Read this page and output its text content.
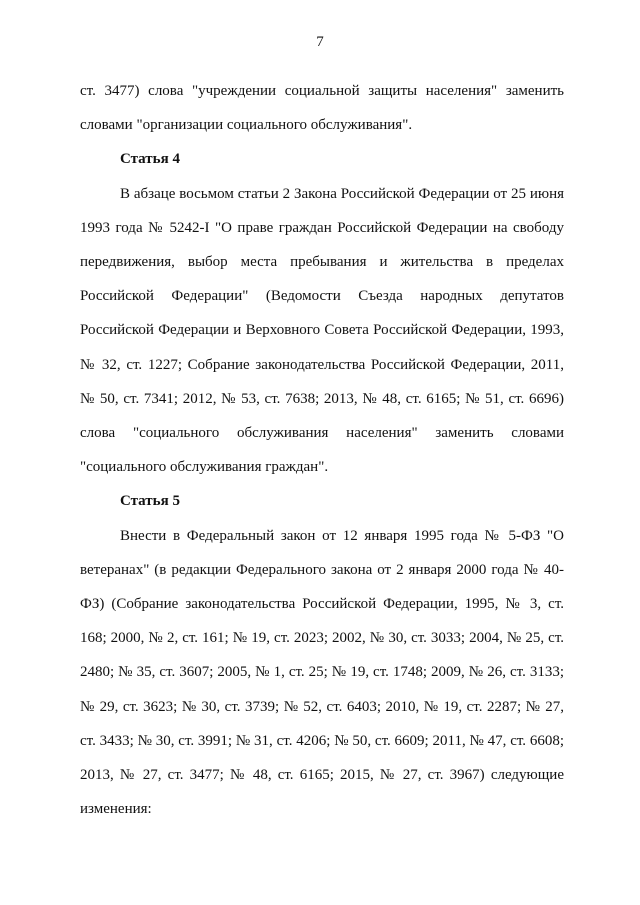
7

ст. 3477) слова "учреждении социальной защиты населения" заменить словами "организации социального обслуживания".

Статья 4

В абзаце восьмом статьи 2 Закона Российской Федерации от 25 июня 1993 года № 5242-I "О праве граждан Российской Федерации на свободу передвижения, выбор места пребывания и жительства в пределах Российской Федерации" (Ведомости Съезда народных депутатов Российской Федерации и Верховного Совета Российской Федерации, 1993, № 32, ст. 1227; Собрание законодательства Российской Федерации, 2011, № 50, ст. 7341; 2012, № 53, ст. 7638; 2013, № 48, ст. 6165; № 51, ст. 6696) слова "социального обслуживания населения" заменить словами "социального обслуживания граждан".

Статья 5

Внести в Федеральный закон от 12 января 1995 года № 5-ФЗ "О ветеранах" (в редакции Федерального закона от 2 января 2000 года № 40-ФЗ) (Собрание законодательства Российской Федерации, 1995, № 3, ст. 168; 2000, № 2, ст. 161; № 19, ст. 2023; 2002, № 30, ст. 3033; 2004, № 25, ст. 2480; № 35, ст. 3607; 2005, № 1, ст. 25; № 19, ст. 1748; 2009, № 26, ст. 3133; № 29, ст. 3623; № 30, ст. 3739; № 52, ст. 6403; 2010, № 19, ст. 2287; № 27, ст. 3433; № 30, ст. 3991; № 31, ст. 4206; № 50, ст. 6609; 2011, № 47, ст. 6608; 2013, № 27, ст. 3477; № 48, ст. 6165; 2015, № 27, ст. 3967) следующие изменения:
